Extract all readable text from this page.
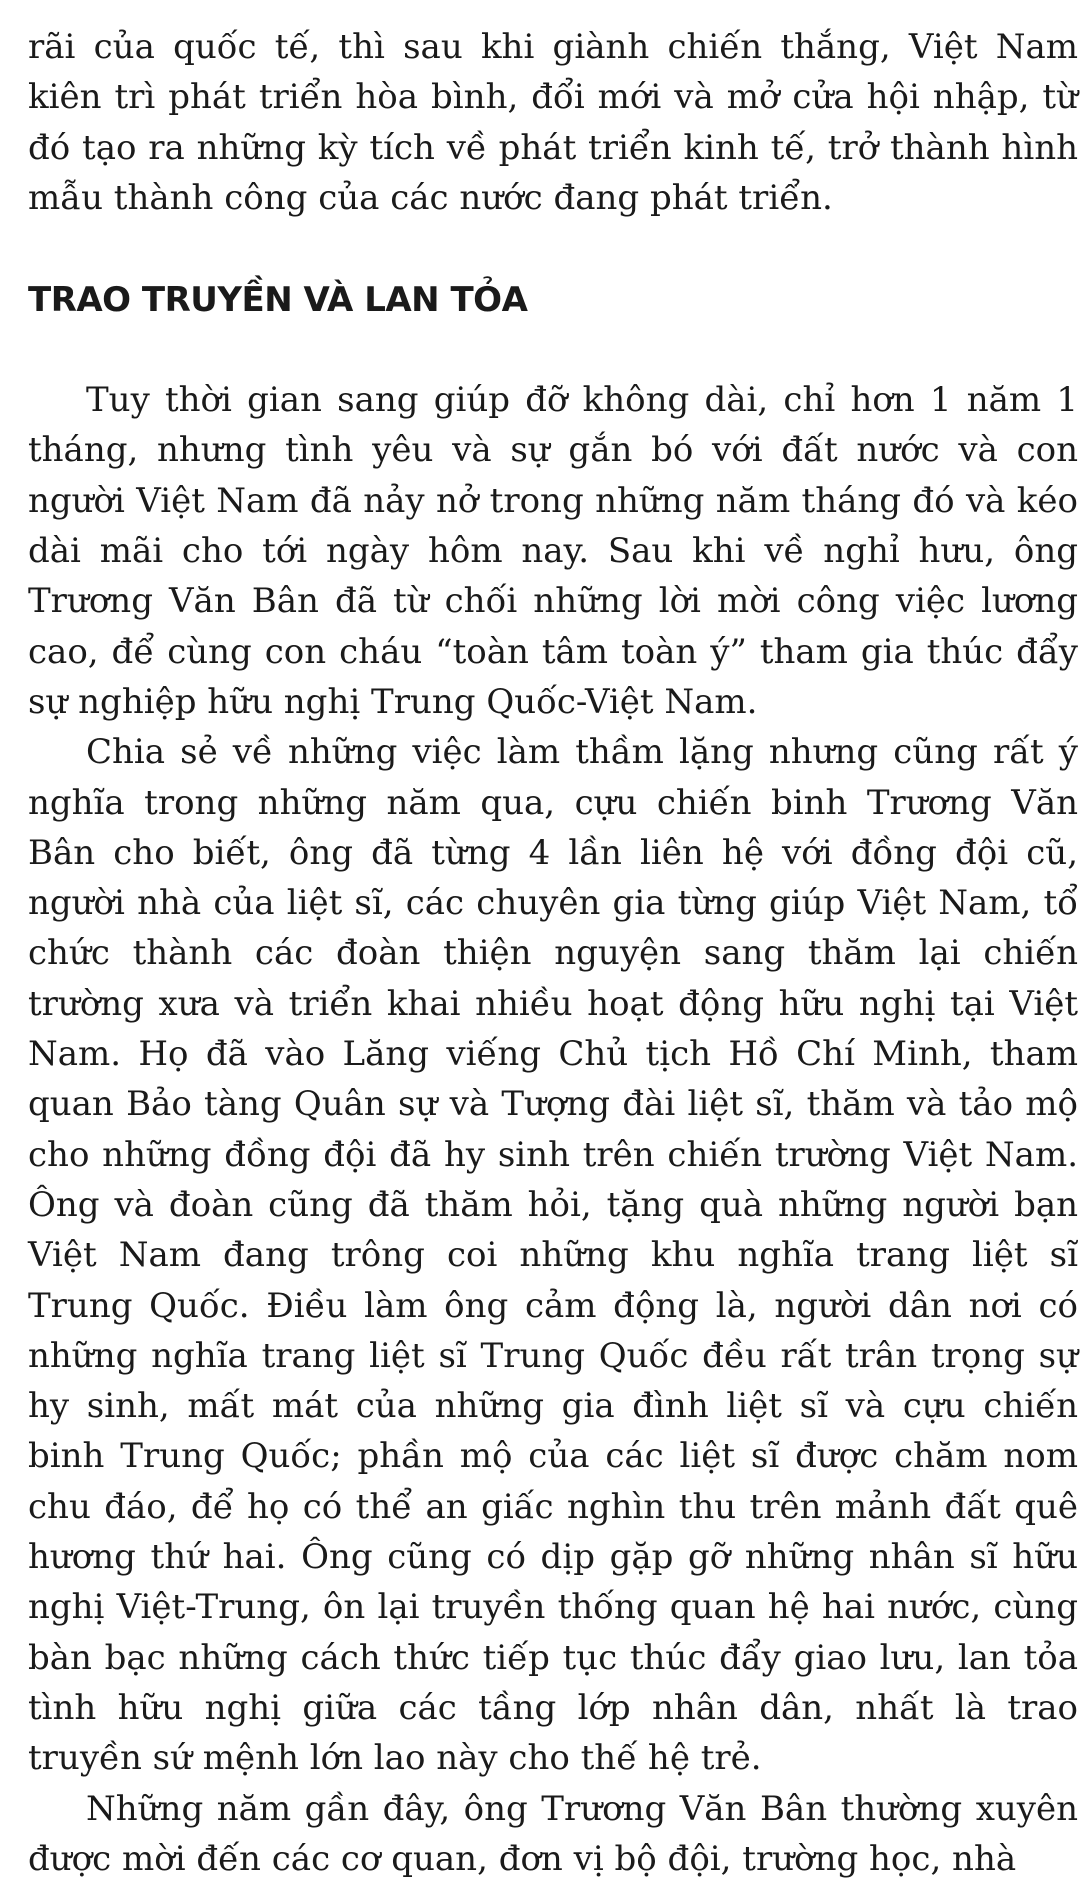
rãi của quốc tế, thì sau khi giành chiến thắng, Việt Nam kiên trì phát triển hòa bình, đổi mới và mở cửa hội nhập, từ đó tạo ra những kỳ tích về phát triển kinh tế, trở thành hình mẫu thành công của các nước đang phát triển.

TRAO TRUYỀN VÀ LAN TỎA

Tuy thời gian sang giúp đỡ không dài, chỉ hơn 1 năm 1 tháng, nhưng tình yêu và sự gắn bó với đất nước và con người Việt Nam đã nảy nở trong những năm tháng đó và kéo dài mãi cho tới ngày hôm nay. Sau khi về nghỉ hưu, ông Trương Văn Bân đã từ chối những lời mời công việc lương cao, để cùng con cháu “toàn tâm toàn ý” tham gia thúc đẩy sự nghiệp hữu nghị Trung Quốc-Việt Nam.

Chia sẻ về những việc làm thầm lặng nhưng cũng rất ý nghĩa trong những năm qua, cựu chiến binh Trương Văn Bân cho biết, ông đã từng 4 lần liên hệ với đồng đội cũ, người nhà của liệt sĩ, các chuyên gia từng giúp Việt Nam, tổ chức thành các đoàn thiện nguyện sang thăm lại chiến trường xưa và triển khai nhiều hoạt động hữu nghị tại Việt Nam. Họ đã vào Lăng viếng Chủ tịch Hồ Chí Minh, tham quan Bảo tàng Quân sự và Tượng đài liệt sĩ, thăm và tảo mộ cho những đồng đội đã hy sinh trên chiến trường Việt Nam. Ông và đoàn cũng đã thăm hỏi, tặng quà những người bạn Việt Nam đang trông coi những khu nghĩa trang liệt sĩ Trung Quốc. Điều làm ông cảm động là, người dân nơi có những nghĩa trang liệt sĩ Trung Quốc đều rất trân trọng sự hy sinh, mất mát của những gia đình liệt sĩ và cựu chiến binh Trung Quốc; phần mộ của các liệt sĩ được chăm nom chu đáo, để họ có thể an giấc nghìn thu trên mảnh đất quê hương thứ hai. Ông cũng có dịp gặp gỡ những nhân sĩ hữu nghị Việt-Trung, ôn lại truyền thống quan hệ hai nước, cùng bàn bạc những cách thức tiếp tục thúc đẩy giao lưu, lan tỏa tình hữu nghị giữa các tầng lớp nhân dân, nhất là trao truyền sứ mệnh lớn lao này cho thế hệ trẻ.

Những năm gần đây, ông Trương Văn Bân thường xuyên được mời đến các cơ quan, đơn vị bộ đội, trường học, nhà
